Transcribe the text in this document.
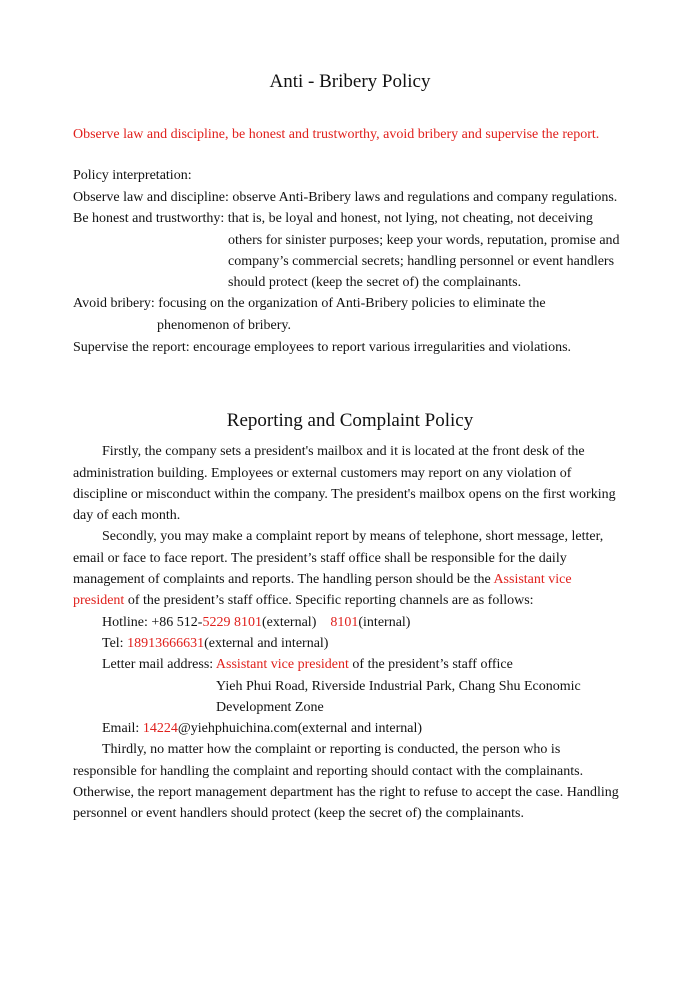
Anti - Bribery Policy
Observe law and discipline, be honest and trustworthy, avoid bribery and supervise the report.
Policy interpretation:
Observe law and discipline: observe Anti-Bribery laws and regulations and company regulations.
Be honest and trustworthy: that is, be loyal and honest, not lying, not cheating, not deceiving
others for sinister purposes; keep your words, reputation, promise and
company’s commercial secrets; handling personnel or event handlers
should protect (keep the secret of) the complainants.
Avoid bribery: focusing on the organization of Anti-Bribery policies to eliminate the
phenomenon of bribery.
Supervise the report: encourage employees to report various irregularities and violations.
Reporting and Complaint Policy
Firstly, the company sets a president's mailbox and it is located at the front desk of the
administration building. Employees or external customers may report on any violation of
discipline or misconduct within the company. The president's mailbox opens on the first working
day of each month.
Secondly, you may make a complaint report by means of telephone, short message, letter,
email or face to face report. The president’s staff office shall be responsible for the daily
management of complaints and reports. The handling person should be the Assistant vice
president of the president’s staff office. Specific reporting channels are as follows:
Hotline: +86 512-5229 8101(external)    8101(internal)
Tel: 18913666631(external and internal)
Letter mail address: Assistant vice president of the president’s staff office
Yieh Phui Road, Riverside Industrial Park, Chang Shu Economic
Development Zone
Email: 14224@yiehphuichina.com(external and internal)
Thirdly, no matter how the complaint or reporting is conducted, the person who is
responsible for handling the complaint and reporting should contact with the complainants.
Otherwise, the report management department has the right to refuse to accept the case. Handling
personnel or event handlers should protect (keep the secret of) the complainants.
